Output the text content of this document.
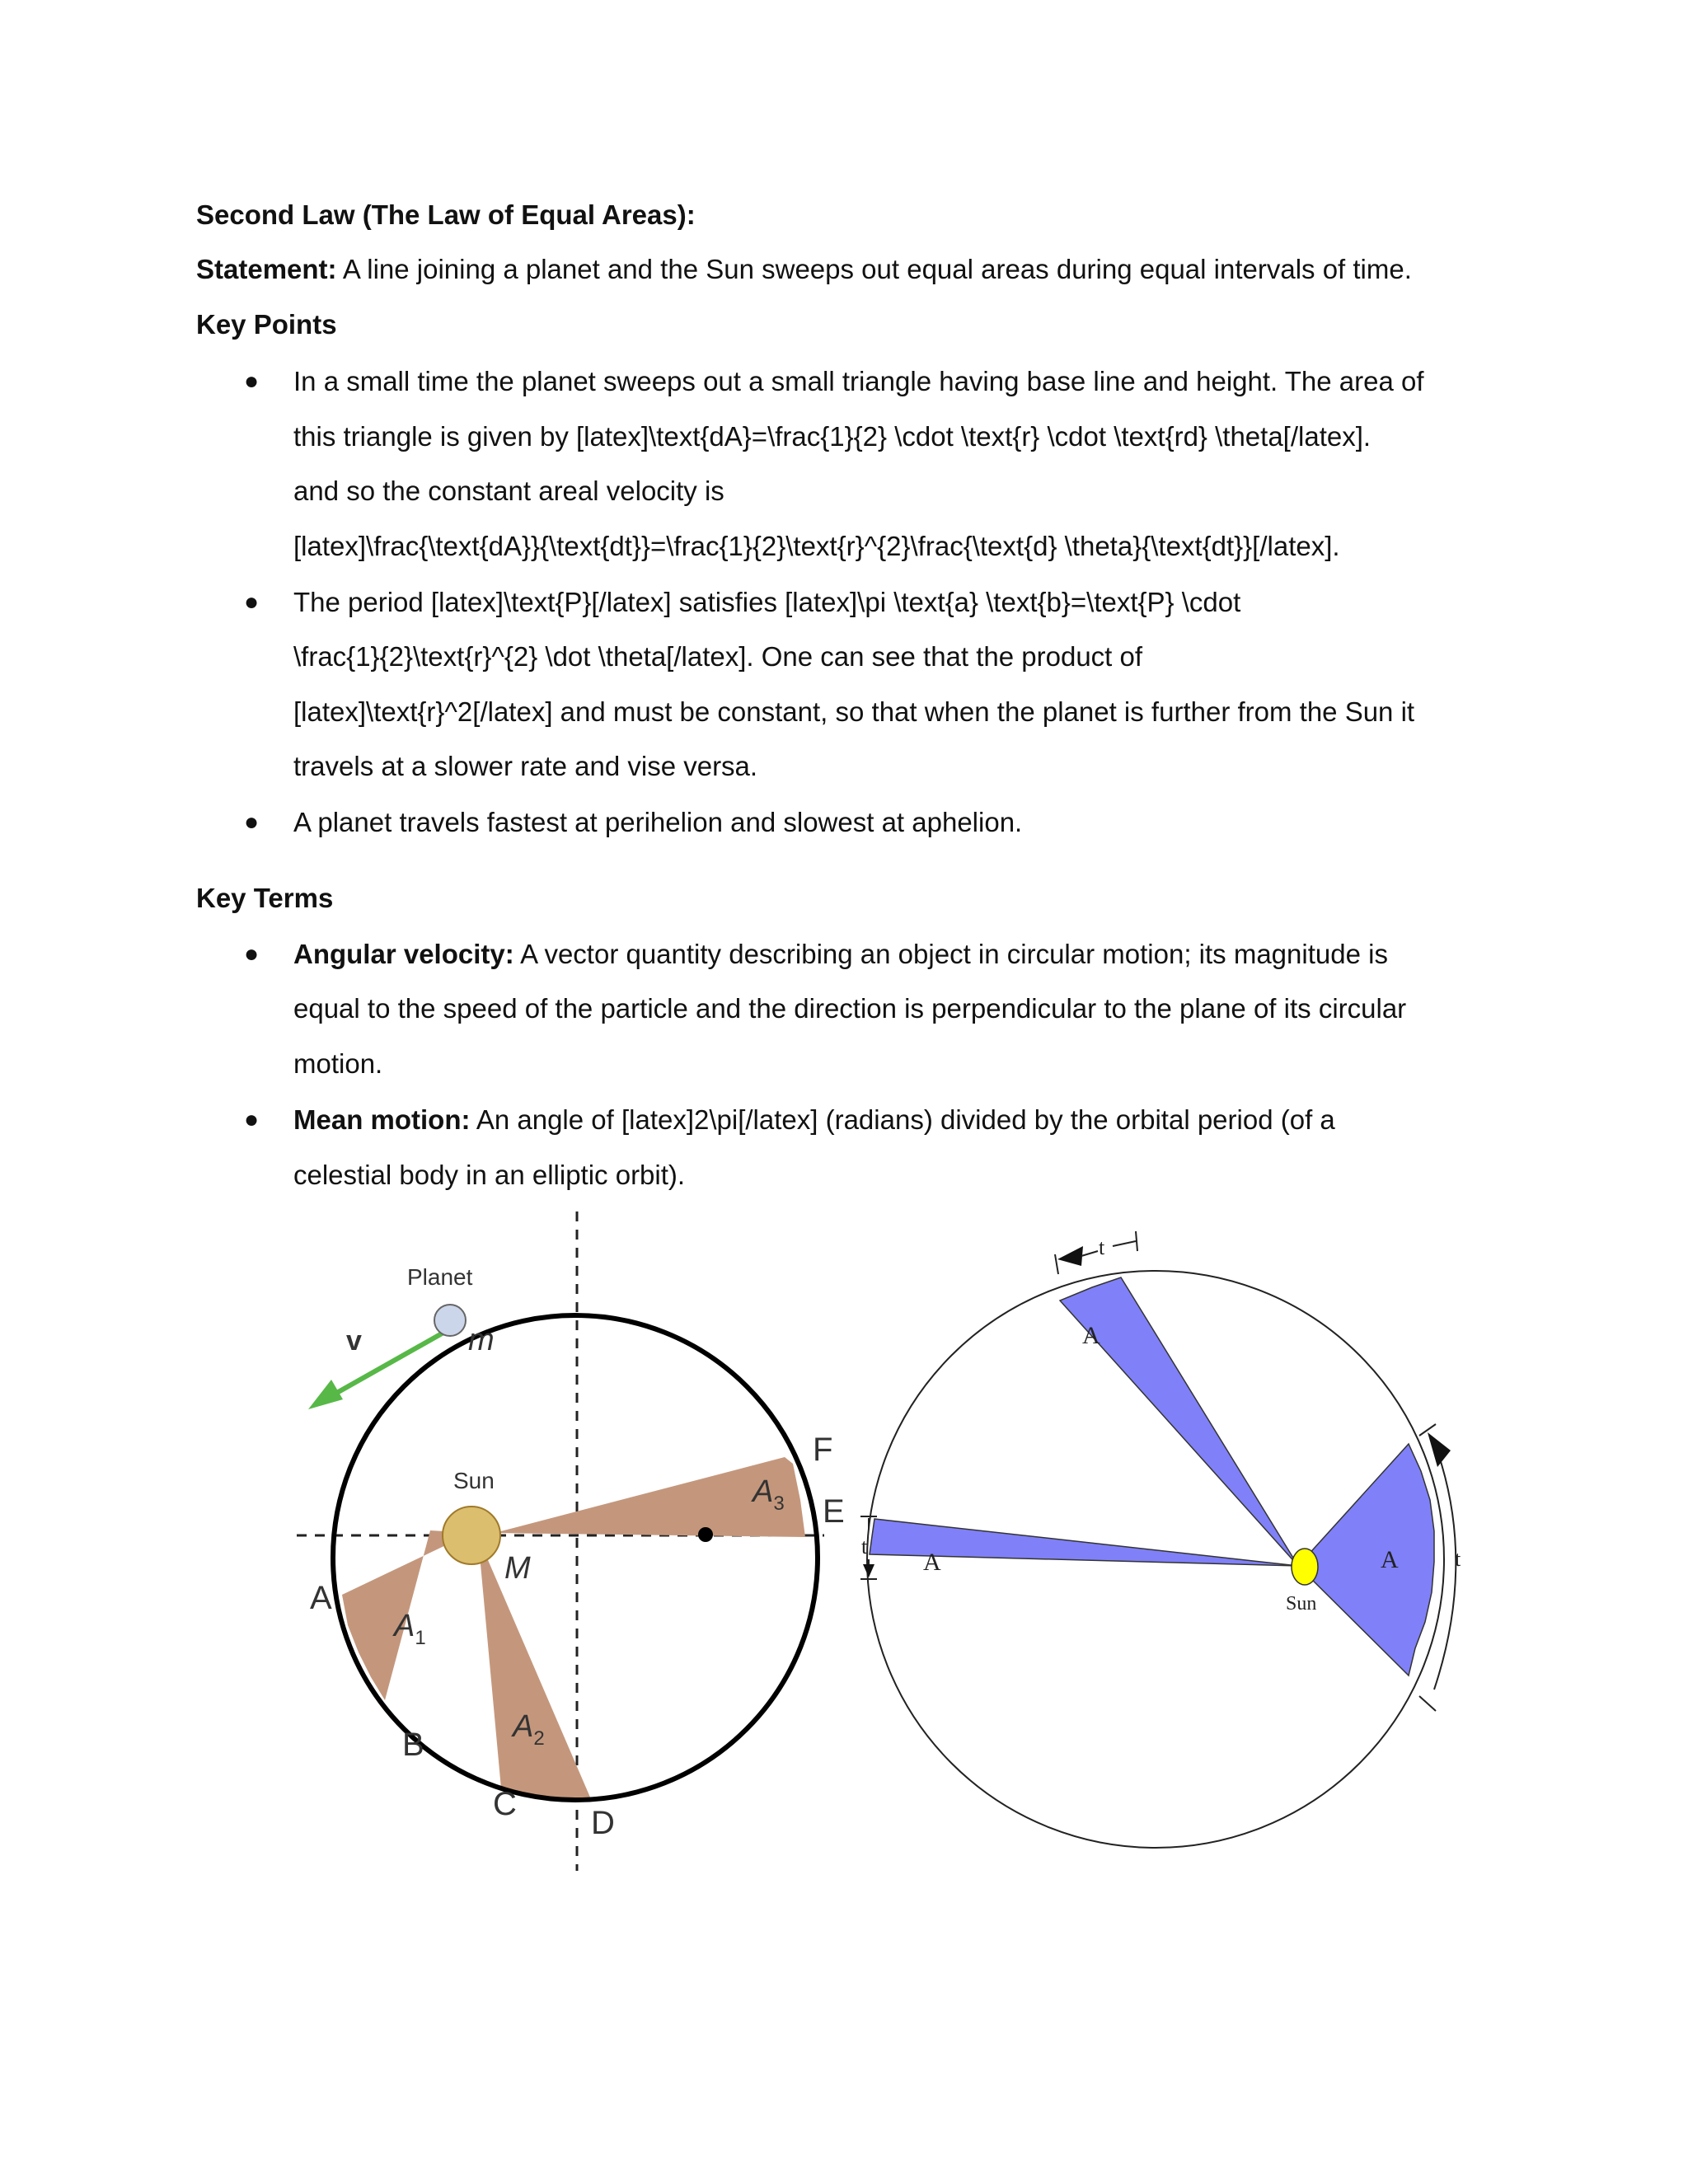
Second Law (The Law of Equal Areas):
Statement: A line joining a planet and the Sun sweeps out equal areas during equal intervals of time.
Key Points
● In a small time the planet sweeps out a small triangle having base line and height. The area of
this triangle is given by [latex]\text{dA}=\frac{1}{2} \cdot \text{r} \cdot \text{rd} \theta[/latex].
and so the constant areal velocity is
[latex]\frac{\text{dA}}{\text{dt}}=\frac{1}{2}\text{r}^{2}\frac{\text{d} \theta}{\text{dt}}[/latex].
● The period [latex]\text{P}[/latex] satisfies [latex]\pi \text{a} \text{b}=\text{P} \cdot
\frac{1}{2}\text{r}^{2} \dot \theta[/latex]. One can see that the product of
[latex]\text{r}^2[/latex] and must be constant, so that when the planet is further from the Sun it
travels at a slower rate and vise versa.
● A planet travels fastest at perihelion and slowest at aphelion.
Key Terms
● Angular velocity: A vector quantity describing an object in circular motion; its magnitude is
equal to the speed of the particle and the direction is perpendicular to the plane of its circular
motion.
● Mean motion: An angle of [latex]2\pi[/latex] (radians) divided by the orbital period (of a
celestial body in an elliptic orbit).
Planet
v	m
Sun
M
A
B
C
D
E
F
$A_1$
$A_2$
$A_3$
t
t
A
A	A	t
Sun
